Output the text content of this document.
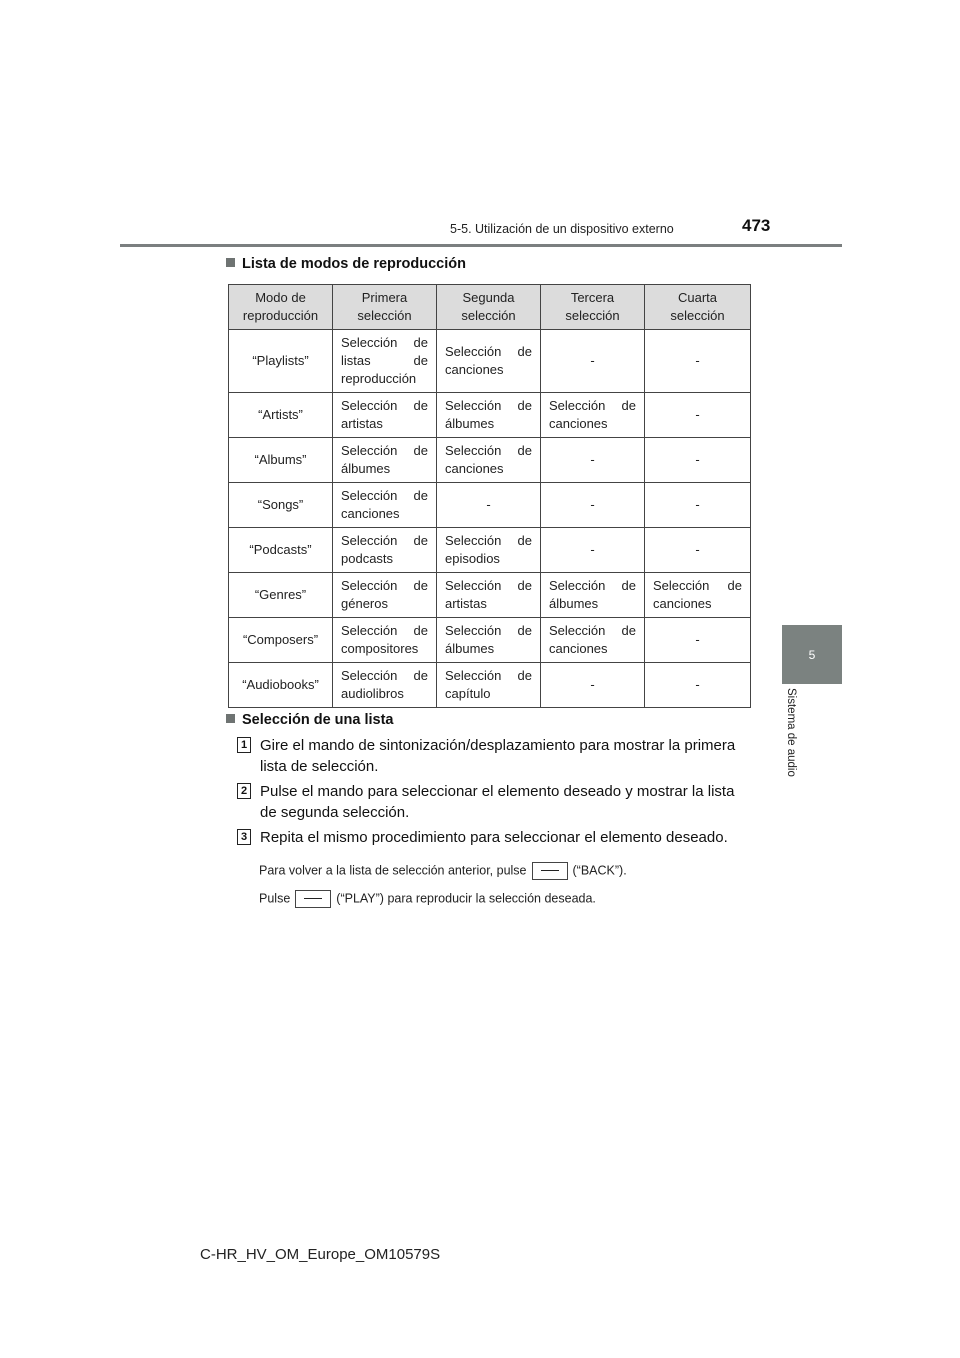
5-5. Utilización de un dispositivo externo	473
5
Sistema de audio
Lista de modos de reproducción
Modo de reproducción	Primera selección	Segunda selección	Tercera selección	Cuarta selección
“Playlists”	Selección de listas de reproducción	Selección de canciones	-	-
“Artists”	Selección de artistas	Selección de álbumes	Selección de canciones	-
“Albums”	Selección de álbumes	Selección de canciones	-	-
“Songs”	Selección de canciones	-	-	-
“Podcasts”	Selección de podcasts	Selección de episodios	-	-
“Genres”	Selección de géneros	Selección de artistas	Selección de álbumes	Selección de canciones
“Composers”	Selección de compositores	Selección de álbumes	Selección de canciones	-
“Audiobooks”	Selección de audiolibros	Selección de capítulo	-	-
Selección de una lista
1 Gire el mando de sintonización/desplazamiento para mostrar la primera lista de selección.
2 Pulse el mando para seleccionar el elemento deseado y mostrar la lista de segunda selección.
3 Repita el mismo procedimiento para seleccionar el elemento deseado.
Para volver a la lista de selección anterior, pulse	(“BACK”).
Pulse	(“PLAY”) para reproducir la selección deseada.
C-HR_HV_OM_Europe_OM10579S
